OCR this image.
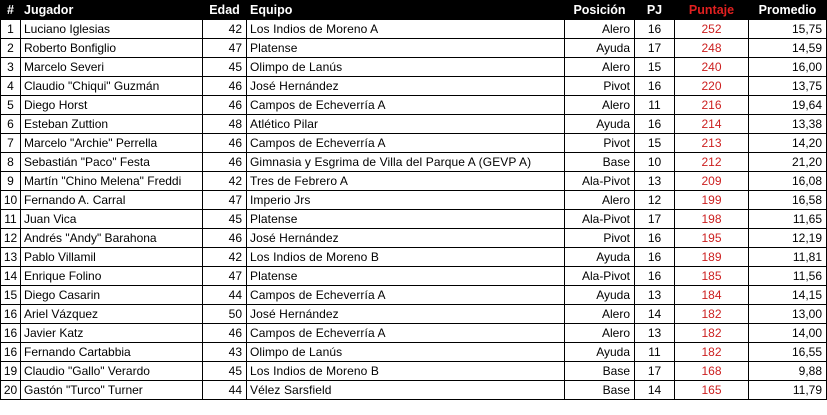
#	Jugador	Edad	Equipo	Posición	PJ	Puntaje	Promedio
1	Luciano Iglesias	42	Los Indios de Moreno A	Alero	16	252	15,75
2	Roberto Bonfiglio	47	Platense	Ayuda	17	248	14,59
3	Marcelo Severi	45	Olimpo de Lanús	Alero	15	240	16,00
4	Claudio "Chiqui" Guzmán	46	José Hernández	Pivot	16	220	13,75
5	Diego Horst	46	Campos de Echeverría A	Alero	11	216	19,64
6	Esteban Zuttion	48	Atlético Pilar	Ayuda	16	214	13,38
7	Marcelo "Archie" Perrella	46	Campos de Echeverría A	Pivot	15	213	14,20
8	Sebastián "Paco" Festa	46	Gimnasia y Esgrima de Villa del Parque A (GEVP A)	Base	10	212	21,20
9	Martín "Chino Melena" Freddi	42	Tres de Febrero A	Ala-Pivot	13	209	16,08
10	Fernando A. Carral	47	Imperio Jrs	Alero	12	199	16,58
11	Juan Vica	45	Platense	Ala-Pivot	17	198	11,65
12	Andrés "Andy" Barahona	46	José Hernández	Pivot	16	195	12,19
13	Pablo Villamil	42	Los Indios de Moreno B	Ayuda	16	189	11,81
14	Enrique Folino	47	Platense	Ala-Pivot	16	185	11,56
15	Diego Casarin	44	Campos de Echeverría A	Ayuda	13	184	14,15
16	Ariel Vázquez	50	José Hernández	Alero	14	182	13,00
16	Javier Katz	46	Campos de Echeverría A	Alero	13	182	14,00
16	Fernando Cartabbia	43	Olimpo de Lanús	Ayuda	11	182	16,55
19	Claudio "Gallo" Verardo	45	Los Indios de Moreno B	Base	17	168	9,88
20	Gastón "Turco" Turner	44	Vélez Sarsfield	Base	14	165	11,79
